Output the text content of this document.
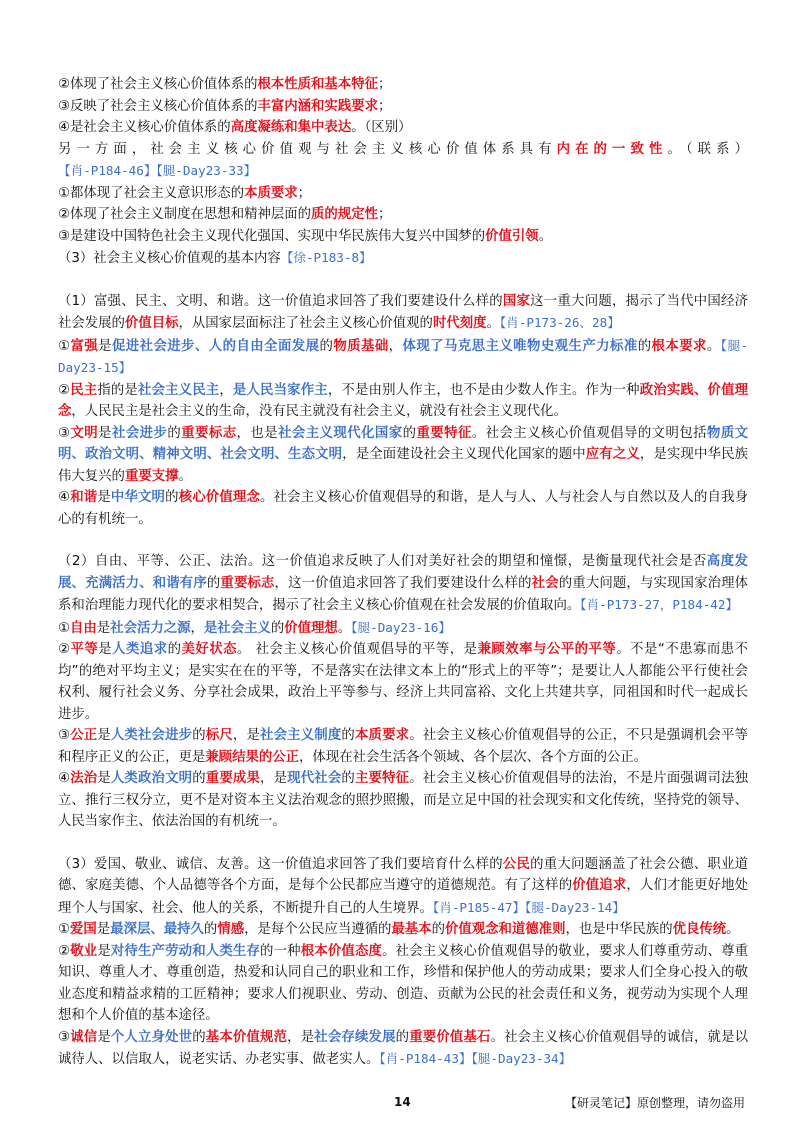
②体现了社会主义核心价值体系的根本性质和基本特征；

③反映了社会主义核心价值体系的丰富内涵和实践要求；

④是社会主义核心价值体系的高度凝练和集中表达。（区别）

另一方面，社会主义核心价值观与社会主义核心价值体系具有内在的一致性。（联系）【肖-P184-46】【腿-Day23-33】

①都体现了社会主义意识形态的本质要求；

②体现了社会主义制度在思想和精神层面的质的规定性；

③是建设中国特色社会主义现代化强国、实现中华民族伟大复兴中国梦的价值引领。

（3）社会主义核心价值观的基本内容【徐-P183-8】

（1）富强、民主、文明、和谐。这一价值追求回答了我们要建设什么样的国家这一重大问题，揭示了当代中国经济社会发展的价值目标，从国家层面标注了社会主义核心价值观的时代刻度。【肖-P173-26、28】

①富强是促进社会进步、人的自由全面发展的物质基础，体现了马克思主义唯物史观生产力标准的根本要求。【腿-Day23-15】

②民主指的是社会主义民主，是人民当家作主，不是由别人作主，也不是由少数人作主。作为一种政治实践、价值理念，人民民主是社会主义的生命，没有民主就没有社会主义，就没有社会主义现代化。

③文明是社会进步的重要标志，也是社会主义现代化国家的重要特征。社会主义核心价值观倡导的文明包括物质文明、政治文明、精神文明、社会文明、生态文明，是全面建设社会主义现代化国家的题中应有之义，是实现中华民族伟大复兴的重要支撑。

④和谐是中华文明的核心价值理念。社会主义核心价值观倡导的和谐，是人与人、人与社会人与自然以及人的自我身心的有机统一。

（2）自由、平等、公正、法治。这一价值追求反映了人们对美好社会的期望和憧憬，是衡量现代社会是否高度发展、充满活力、和谐有序的重要标志，这一价值追求回答了我们要建设什么样的社会的重大问题，与实现国家治理体系和治理能力现代化的要求相契合，揭示了社会主义核心价值观在社会发展的价值取向。【肖-P173-27，P184-42】

①自由是社会活力之源，是社会主义的价值理想。【腿-Day23-16】

②平等是人类追求的美好状态。 社会主义核心价值观倡导的平等，是兼顾效率与公平的平等。不是“不患寡而患不均”的绝对平均主义；是实实在在的平等，不是落实在法律文本上的“形式上的平等”；是要让人人都能公平行使社会权利、履行社会义务、分享社会成果，政治上平等参与、经济上共同富裕、文化上共建共享，同祖国和时代一起成长进步。

③公正是人类社会进步的标尺，是社会主义制度的本质要求。社会主义核心价值观倡导的公正，不只是强调机会平等和程序正义的公正，更是兼顾结果的公正，体现在社会生活各个领域、各个层次、各个方面的公正。

④法治是人类政治文明的重要成果，是现代社会的主要特征。社会主义核心价值观倡导的法治，不是片面强调司法独立、推行三权分立，更不是对资本主义法治观念的照抄照搬，而是立足中国的社会现实和文化传统，坚持党的领导、人民当家作主、依法治国的有机统一。

（3）爱国、敬业、诚信、友善。这一价值追求回答了我们要培育什么样的公民的重大问题涵盖了社会公德、职业道德、家庭美德、个人品德等各个方面，是每个公民都应当遵守的道德规范。有了这样的价值追求，人们才能更好地处理个人与国家、社会、他人的关系，不断提升自己的人生境界。【肖-P185-47】【腿-Day23-14】

①爱国是最深层、最持久的情感，是每个公民应当遵循的最基本的价值观念和道德准则，也是中华民族的优良传统。

②敬业是对待生产劳动和人类生存的一种根本价值态度。社会主义核心价值观倡导的敬业，要求人们尊重劳动、尊重知识、尊重人才、尊重创造，热爱和认同自己的职业和工作，珍惜和保护他人的劳动成果；要求人们全身心投入的敬业态度和精益求精的工匠精神；要求人们视职业、劳动、创造、贡献为公民的社会责任和义务，视劳动为实现个人理想和个人价值的基本途径。

③诚信是个人立身处世的基本价值规范，是社会存续发展的重要价值基石。社会主义核心价值观倡导的诚信，就是以诚待人、以信取人，说老实话、办老实事、做老实人。【肖-P184-43】【腿-Day23-34】

14	【研灵笔记】原创整理，请勿盗用
